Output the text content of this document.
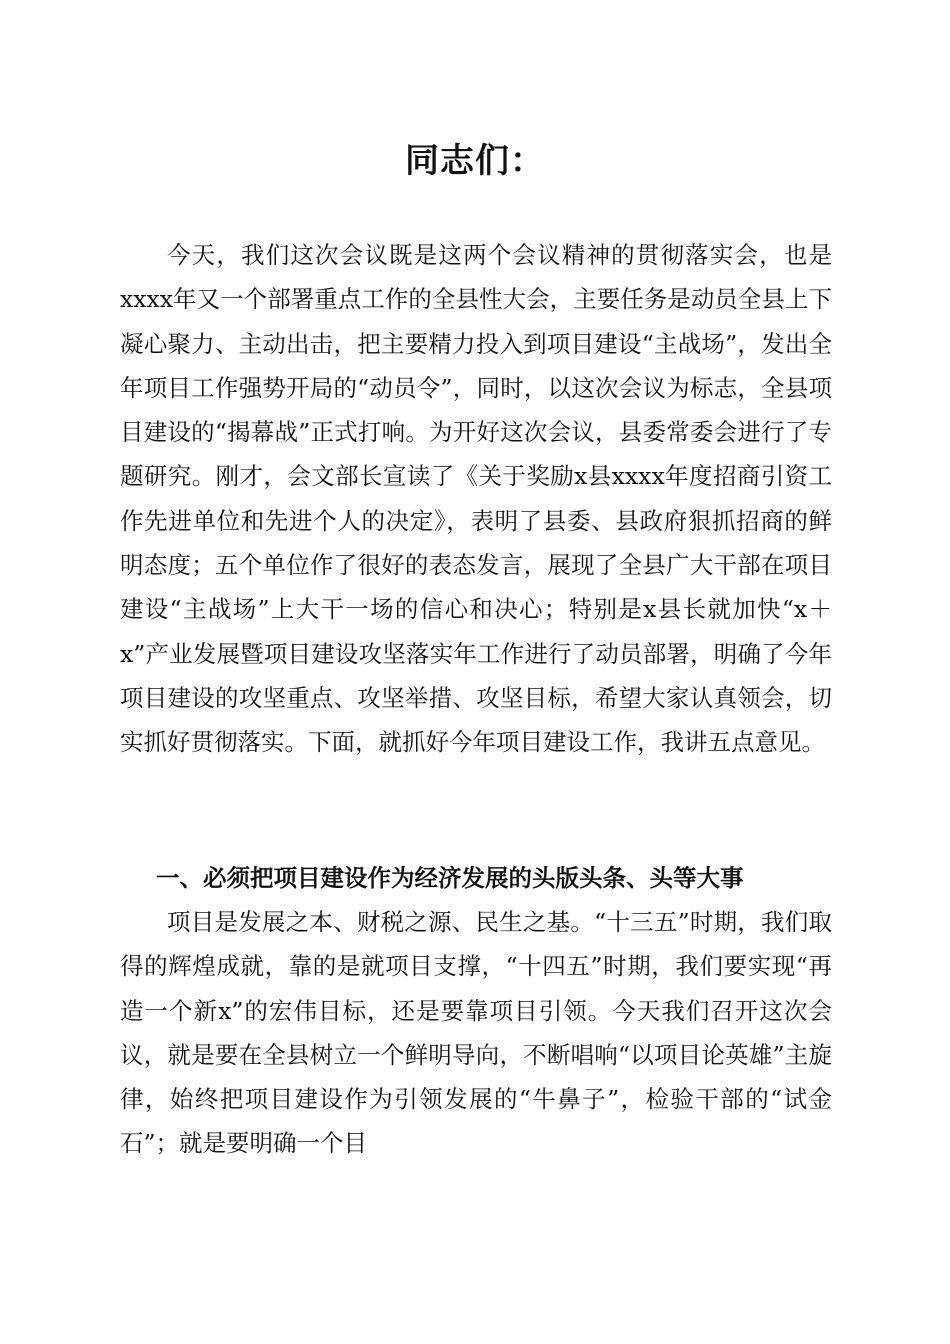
同志们：

今天，我们这次会议既是这两个会议精神的贯彻落实会，也是xxxx年又一个部署重点工作的全县性大会，主要任务是动员全县上下凝心聚力、主动出击，把主要精力投入到项目建设“主战场”，发出全年项目工作强势开局的“动员令”，同时，以这次会议为标志，全县项目建设的“揭幕战”正式打响。为开好这次会议，县委常委会进行了专题研究。刚才，会文部长宣读了《关于奖励x县xxxx年度招商引资工作先进单位和先进个人的决定》，表明了县委、县政府狠抓招商的鲜明态度；五个单位作了很好的表态发言，展现了全县广大干部在项目建设“主战场”上大干一场的信心和决心；特别是x县长就加快“x＋x”产业发展暨项目建设攻坚落实年工作进行了动员部署，明确了今年项目建设的攻坚重点、攻坚举措、攻坚目标，希望大家认真领会，切实抓好贯彻落实。下面，就抓好今年项目建设工作，我讲五点意见。

一、必须把项目建设作为经济发展的头版头条、头等大事

项目是发展之本、财税之源、民生之基。“十三五”时期，我们取得的辉煌成就，靠的是就项目支撑，“十四五”时期，我们要实现“再造一个新x”的宏伟目标，还是要靠项目引领。今天我们召开这次会议，就是要在全县树立一个鲜明导向，不断唱响“以项目论英雄”主旋律，始终把项目建设作为引领发展的“牛鼻子”，检验干部的“试金石”；就是要明确一个目
